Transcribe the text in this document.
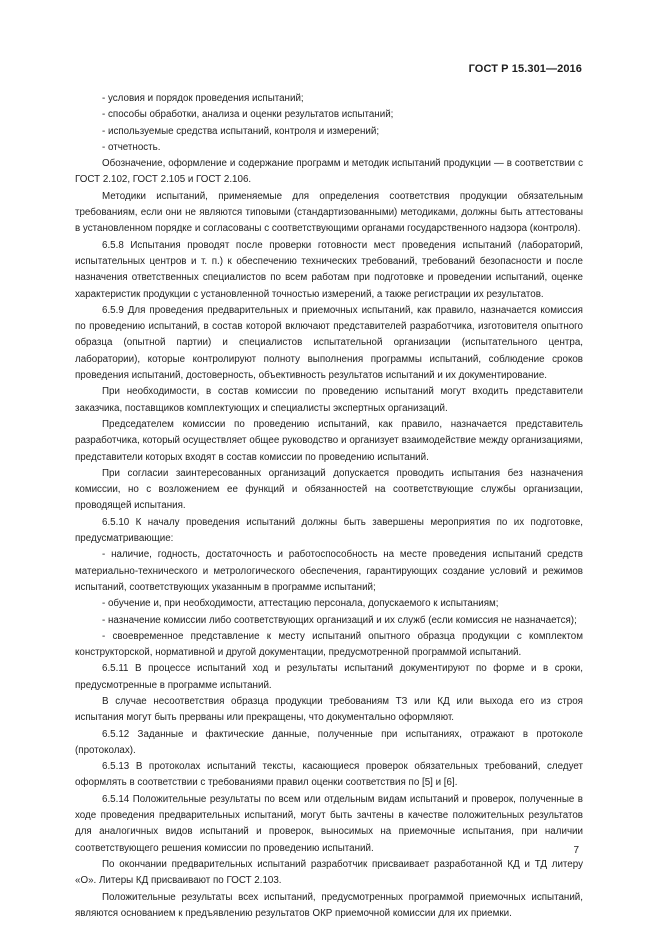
ГОСТ Р 15.301—2016

- условия и порядок проведения испытаний;

- способы обработки, анализа и оценки результатов испытаний;

- используемые средства испытаний, контроля и измерений;

- отчетность.

Обозначение, оформление и содержание программ и методик испытаний продукции — в соответствии с ГОСТ 2.102, ГОСТ 2.105 и ГОСТ 2.106.

Методики испытаний, применяемые для определения соответствия продукции обязательным требованиям, если они не являются типовыми (стандартизованными) методиками, должны быть аттестованы в установленном порядке и согласованы с соответствующими органами государственного надзора (контроля).

6.5.8 Испытания проводят после проверки готовности мест проведения испытаний (лабораторий, испытательных центров и т. п.) к обеспечению технических требований, требований безопасности и после назначения ответственных специалистов по всем работам при подготовке и проведении испытаний, оценке характеристик продукции с установленной точностью измерений, а также регистрации их результатов.

6.5.9 Для проведения предварительных и приемочных испытаний, как правило, назначается комиссия по проведению испытаний, в состав которой включают представителей разработчика, изготовителя опытного образца (опытной партии) и специалистов испытательной организации (испытательного центра, лаборатории), которые контролируют полноту выполнения программы испытаний, соблюдение сроков проведения испытаний, достоверность, объективность результатов испытаний и их документирование.

При необходимости, в состав комиссии по проведению испытаний могут входить представители заказчика, поставщиков комплектующих и специалисты экспертных организаций.

Председателем комиссии по проведению испытаний, как правило, назначается представитель разработчика, который осуществляет общее руководство и организует взаимодействие между организациями, представители которых входят в состав комиссии по проведению испытаний.

При согласии заинтересованных организаций допускается проводить испытания без назначения комиссии, но с возложением ее функций и обязанностей на соответствующие службы организации, проводящей испытания.

6.5.10 К началу проведения испытаний должны быть завершены мероприятия по их подготовке, предусматривающие:

- наличие, годность, достаточность и работоспособность на месте проведения испытаний средств материально-технического и метрологического обеспечения, гарантирующих создание условий и режимов испытаний, соответствующих указанным в программе испытаний;

- обучение и, при необходимости, аттестацию персонала, допускаемого к испытаниям;

- назначение комиссии либо соответствующих организаций и их служб (если комиссия не назначается);

- своевременное представление к месту испытаний опытного образца продукции с комплектом конструкторской, нормативной и другой документации, предусмотренной программой испытаний.

6.5.11 В процессе испытаний ход и результаты испытаний документируют по форме и в сроки, предусмотренные в программе испытаний.

В случае несоответствия образца продукции требованиям ТЗ или КД или выхода его из строя испытания могут быть прерваны или прекращены, что документально оформляют.

6.5.12 Заданные и фактические данные, полученные при испытаниях, отражают в протоколе (протоколах).

6.5.13 В протоколах испытаний тексты, касающиеся проверок обязательных требований, следует оформлять в соответствии с требованиями правил оценки соответствия по [5] и [6].

6.5.14 Положительные результаты по всем или отдельным видам испытаний и проверок, полученные в ходе проведения предварительных испытаний, могут быть зачтены в качестве положительных результатов для аналогичных видов испытаний и проверок, выносимых на приемочные испытания, при наличии соответствующего решения комиссии по проведению испытаний.

По окончании предварительных испытаний разработчик присваивает разработанной КД и ТД литеру «О». Литеры КД присваивают по ГОСТ 2.103.

Положительные результаты всех испытаний, предусмотренных программой приемочных испытаний, являются основанием к предъявлению результатов ОКР приемочной комиссии для их приемки.

7
